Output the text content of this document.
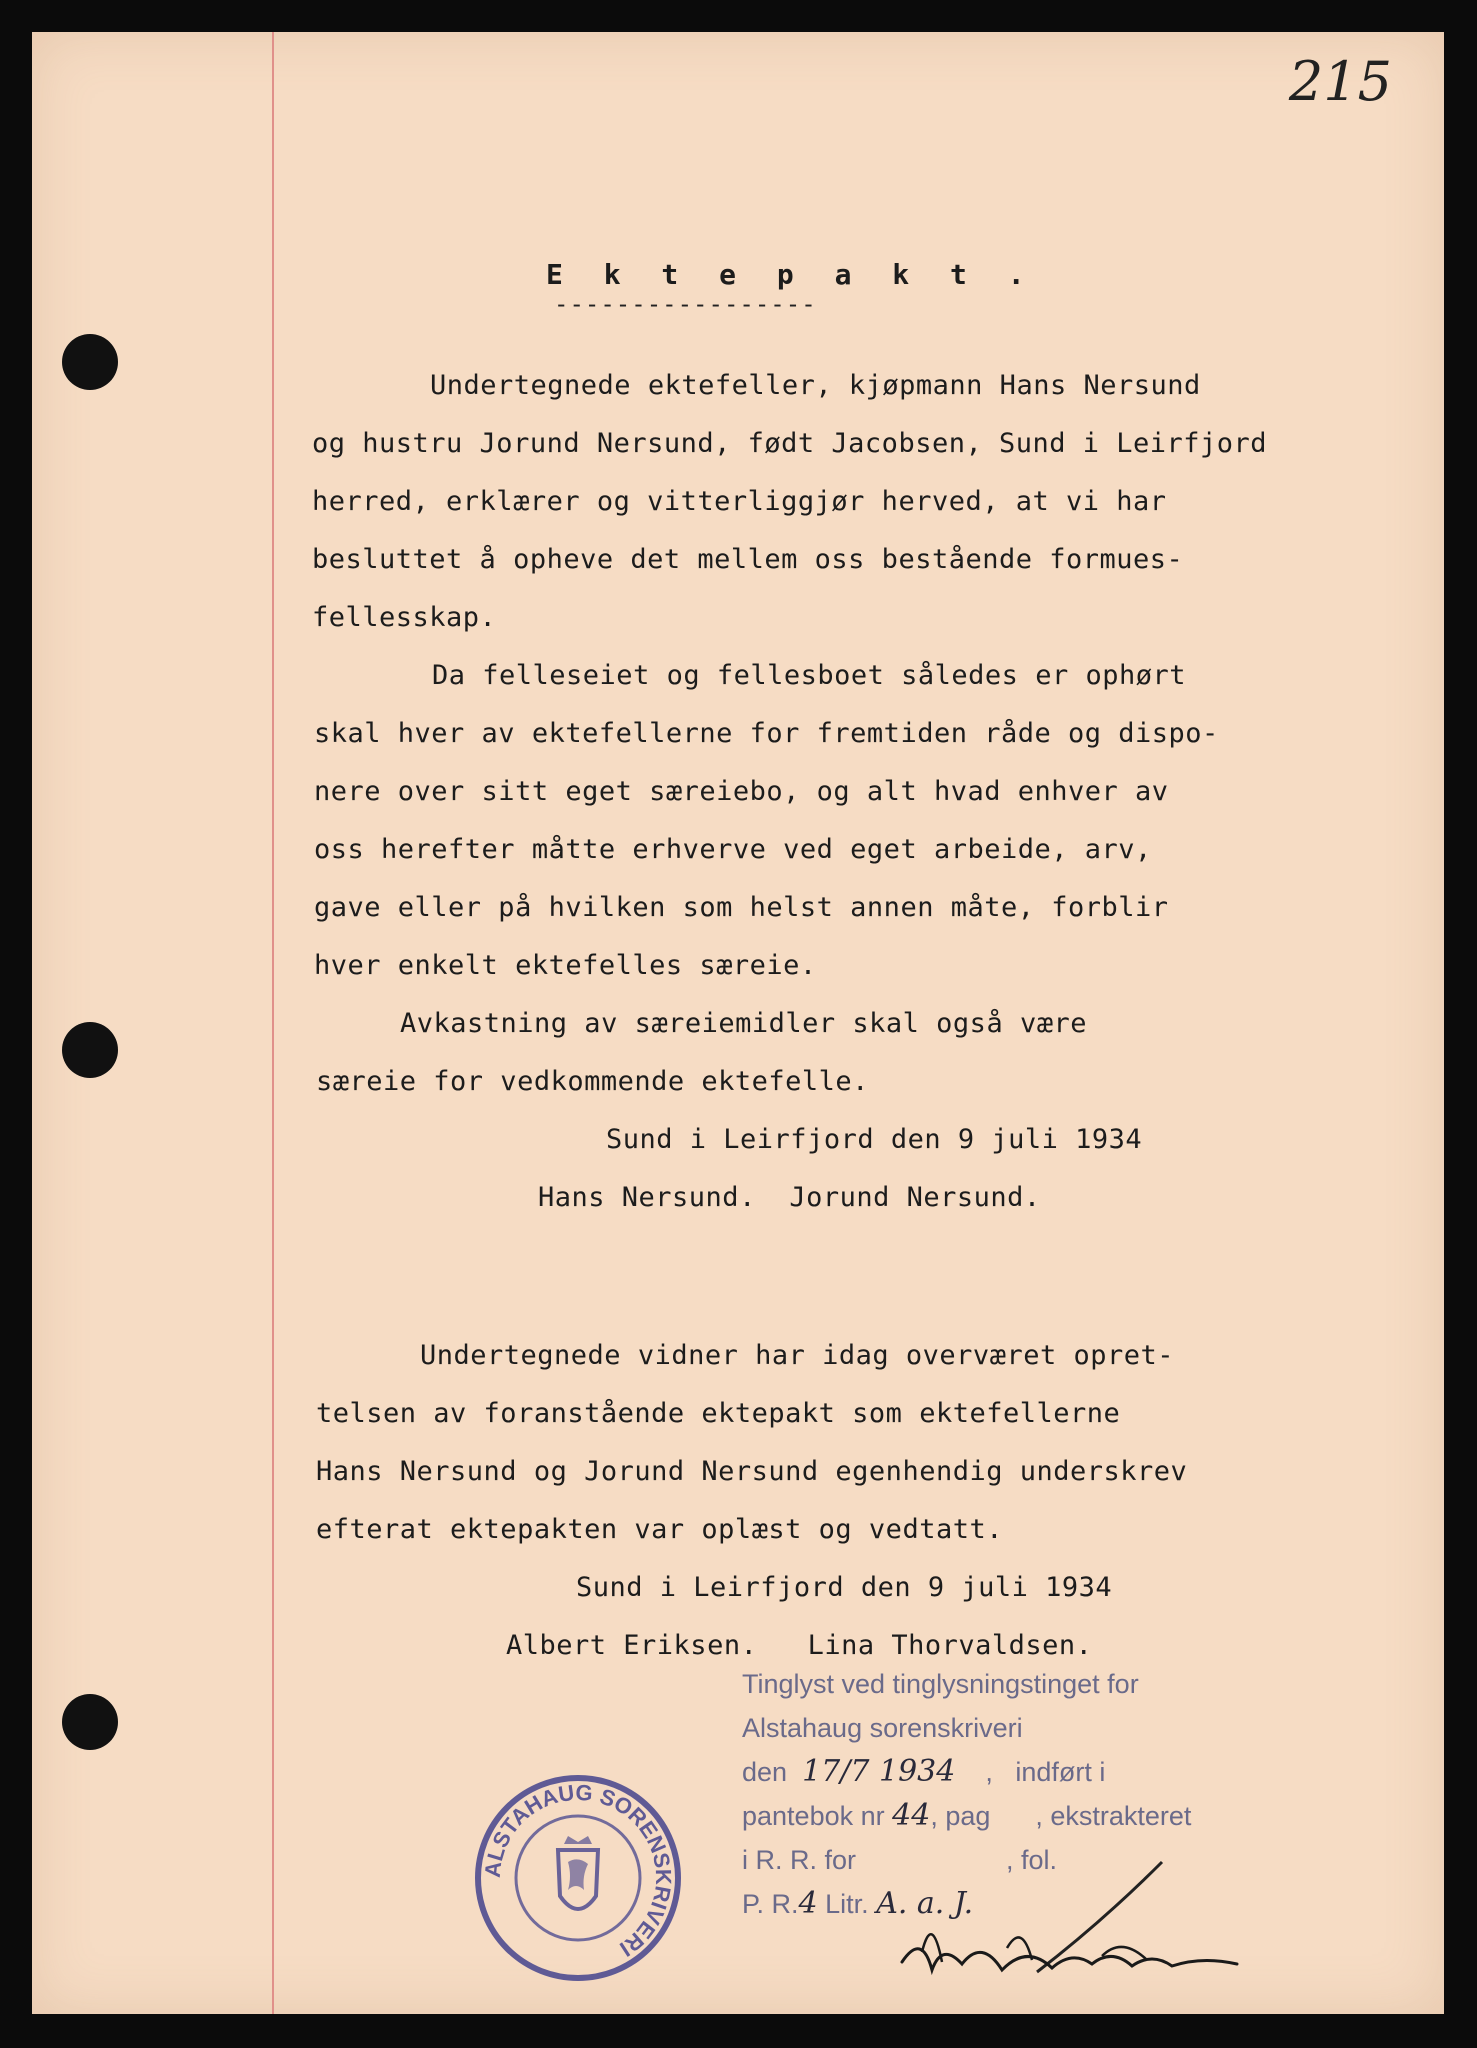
215
E k t e p a k t .
-----------------
Undertegnede ektefeller, kjøpmann Hans Nersund
og hustru Jorund Nersund, født Jacobsen, Sund i Leirfjord
herred, erklærer og vitterliggjør herved, at vi har
besluttet å opheve det mellem oss bestående formues-
fellesskap.
Da felleseiet og fellesboet således er ophørt
skal hver av ektefellerne for fremtiden råde og dispo-
nere over sitt eget særeiebo, og alt hvad enhver av
oss herefter måtte erhverve ved eget arbeide, arv,
gave eller på hvilken som helst annen måte, forblir
hver enkelt ektefelles særeie.
Avkastning av særeiemidler skal også være
særeie for vedkommende ektefelle.
Sund i Leirfjord den 9 juli 1934
Hans Nersund.  Jorund Nersund.
Undertegnede vidner har idag overværet opret-
telsen av foranstående ektepakt som ektefellerne
Hans Nersund og Jorund Nersund egenhendig underskrev
efterat ektepakten var oplæst og vedtatt.
Sund i Leirfjord den 9 juli 1934
Albert Eriksen.   Lina Thorvaldsen.
Tinglyst ved tinglysningstinget for
Alstahaug sorenskriveri
den 17/7 1934 ,   indført i
pantebok nr 44, pag      , ekstrakteret
i R. R. for                    , fol.
P. R.4 Litr. A. a. J.
ALSTAHAUG SORENSKRIVERI
